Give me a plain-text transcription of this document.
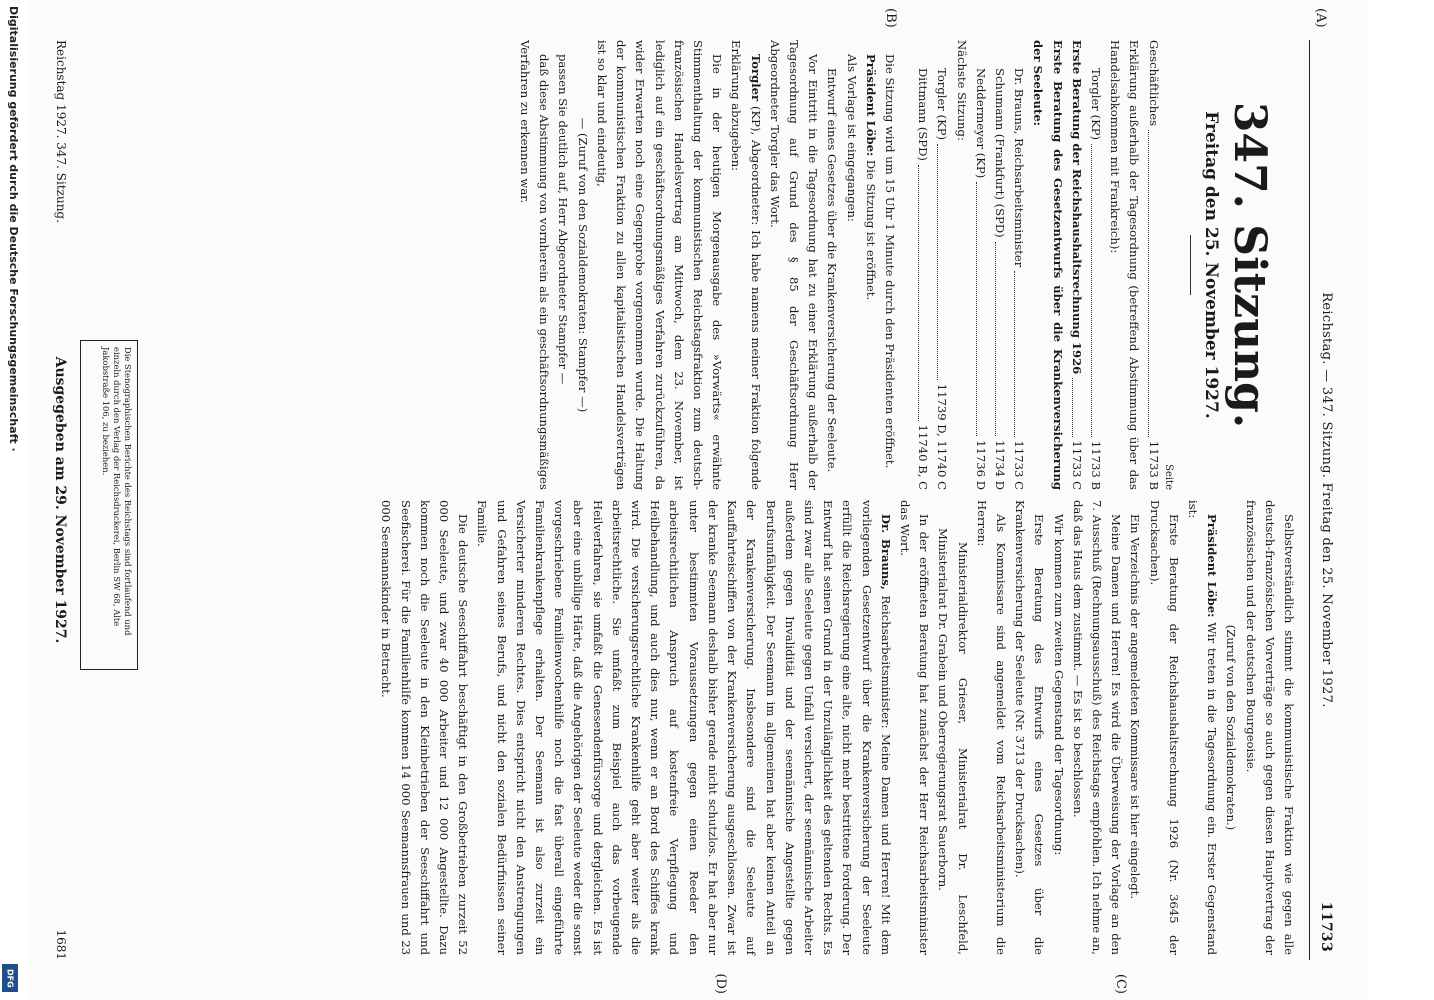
Digitalisierung gefördert durch die Deutsche Forschungsgemeinschaft ·
DFG
Reichstag. — 347. Sitzung. Freitag den 25. November 1927.
11733
(A)
(B)
(C)
(D)
347. Sitzung.
Freitag den 25. November 1927.
Seite
Geschäftliches
11733 B

Erklärung außerhalb der Tagesordnung (betreffend Abstimmung über das Handelsabkommen mit Frankreich):

Torgler (KP)
11733 B
Erste Beratung der Reichshaushaltsrechnung 1926
11733 C

Erste Beratung des Gesetzentwurfs über die Krankenversicherung der Seeleute:

Dr. Brauns, Reichsarbeitsminister
11733 C
Schumann (Frankfurt) (SPD)
11734 D
Neddermeyer (KP)
11736 D

Nächste Sitzung:

Torgler (KP)
11739 D, 11740 C
Dittmann (SPD)
11740 B, C

Die Sitzung wird um 15 Uhr 1 Minute durch den Präsidenten eröffnet.

Präsident Löbe: Die Sitzung ist eröffnet.

Als Vorlage ist eingegangen:

Entwurf eines Gesetzes über die Krankenversicherung der Seeleute.

Vor Eintritt in die Tagesordnung hat zu einer Erklärung außerhalb der Tagesordnung auf Grund des § 85 der Geschäftsordnung Herr Abgeordneter Torgler das Wort.

Torgler (KP), Abgeordneter: Ich habe namens meiner Fraktion folgende Erklärung abzugeben:

Die in der heutigen Morgenausgabe des »Vorwärts« erwähnte Stimmenthaltung der kommunistischen Reichstagsfraktion zum deutsch-französischen Handelsvertrag am Mittwoch, dem 23. November, ist lediglich auf ein geschäftsordnungsmäßiges Verfahren zurückzuführen, da wider Erwarten noch eine Gegenprobe vorgenommen wurde. Die Haltung der kommunistischen Fraktion zu allen kapitalistischen Handelsverträgen ist so klar und eindeutig,

— (Zuruf von den Sozialdemokraten: Stampfer —)

passen Sie deutlich auf, Herr Abgeordneter Stampfer —

daß diese Abstimmung von vornherein als ein geschäftsordnungsmäßiges Verfahren zu erkennen war.

Selbstverständlich stimmt die kommunistische Fraktion wie gegen alle deutsch-französischen Vorverträge so auch gegen diesen Hauptvertrag der französischen und der deutschen Bourgeoisie.

(Zuruf von den Sozialdemokraten.)

Präsident Löbe: Wir treten in die Tagesordnung ein. Erster Gegenstand ist:

Erste Beratung der Reichshaushaltsrechnung 1926 (Nr. 3645 der Drucksachen).

Ein Verzeichnis der angemeldeten Kommissare ist hier eingelegt.

Meine Damen und Herren! Es wird die Überweisung der Vorlage an den 7. Ausschuß (Rechnungsausschuß) des Reichstags empfohlen. Ich nehme an, daß das Haus dem zustimmt. — Es ist so beschlossen.

Wir kommen zum zweiten Gegenstand der Tagesordnung:

Erste Beratung des Entwurfs eines Gesetzes über die Krankenversicherung der Seeleute (Nr. 3713 der Drucksachen).

Als Kommissare sind angemeldet vom Reichsarbeitsministerium die Herren:

Ministerialdirektor Grieser, Ministerialrat Dr. Leschfeld, Ministerialrat Dr. Grabein und Oberregierungsrat Sauerborn.

In der eröffneten Beratung hat zunächst der Herr Reichsarbeitsminister das Wort.

Dr. Brauns, Reichsarbeitsminister: Meine Damen und Herren! Mit dem vorliegenden Gesetzentwurf über die Krankenversicherung der Seeleute erfüllt die Reichsregierung eine alte, nicht mehr bestrittene Forderung. Der Entwurf hat seinen Grund in der Unzulänglichkeit des geltenden Rechts. Es sind zwar alle Seeleute gegen Unfall versichert, der seemännische Arbeiter außerdem gegen Invalidität und der seemännische Angestellte gegen Berufsunfähigkeit. Der Seemann im allgemeinen hat aber keinen Anteil an der Krankenversicherung. Insbesondere sind die Seeleute auf Kauffahrteischiffen von der Krankenversicherung ausgeschlossen. Zwar ist der kranke Seemann deshalb bisher gerade nicht schutzlos. Er hat aber nur unter bestimmten Voraussetzungen gegen einen Reeder den arbeitsrechtlichen Anspruch auf kostenfreie Verpflegung und Heilbehandlung, und auch dies nur, wenn er an Bord des Schiffes krank wird. Die versicherungsrechtliche Krankenhilfe geht aber weiter als die arbeitsrechtliche. Sie umfaßt zum Beispiel auch das vorbeugende Heilverfahren, sie umfaßt die Genesendenfürsorge und dergleichen. Es ist aber eine unbillige Härte, daß die Angehörigen der Seeleute weder die sonst vorgeschriebene Familienwochenhilfe noch die fast überall eingeführte Familienkrankenpflege erhalten. Der Seemann ist also zurzeit ein Versicherter minderen Rechtes. Dies entspricht nicht den Anstrengungen und Gefahren seines Berufs, und nicht den sozialen Bedürfnissen seiner Familie.

Die deutsche Seeschiffahrt beschäftigt in den Großbetrieben zurzeit 52 000 Seeleute, und zwar 40 000 Arbeiter und 12 000 Angestellte. Dazu kommen noch die Seeleute in den Kleinbetrieben der Seeschiffahrt und Seefischerei. Für die Familienhilfe kommen 14 000 Seemannsfrauen und 23 000 Seemannskinder in Betracht.

Die Stenographischen Berichte des Reichstags sind fortlaufend und einzeln durch den Verlag der Reichsdruckerei, Berlin SW 68, Alte Jakobstraße 106, zu beziehen.
Reichstag 1927. 347. Sitzung.
Ausgegeben am 29. November 1927.
1681
